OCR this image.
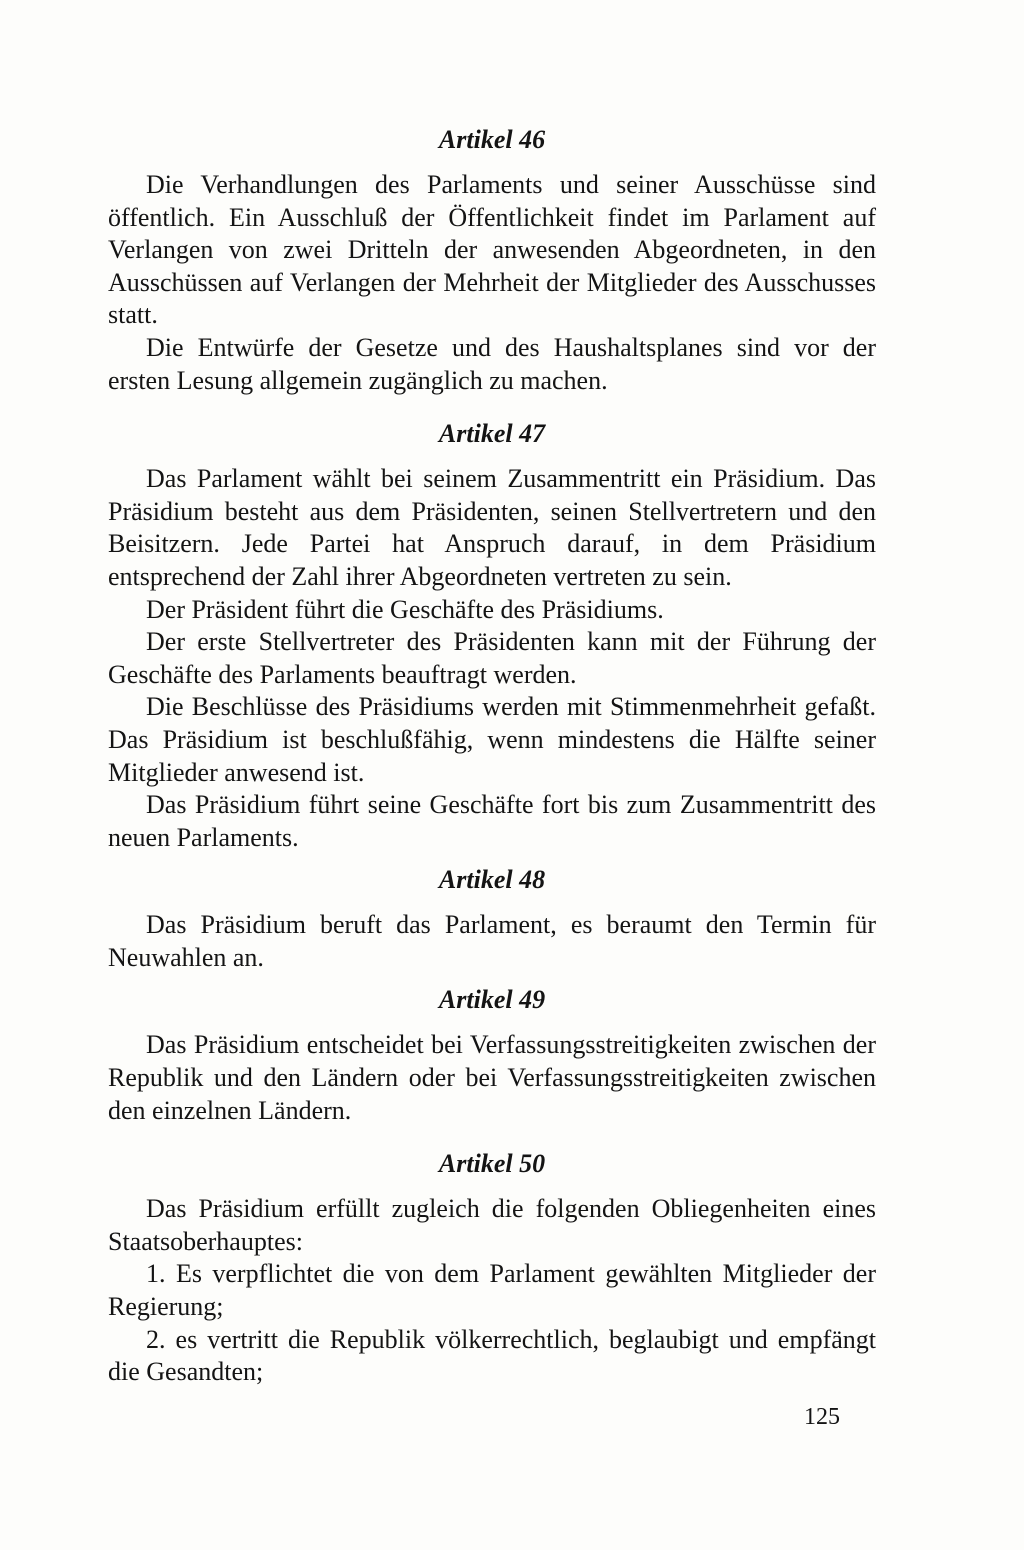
Artikel 46

Die Verhandlungen des Parlaments und seiner Ausschüsse sind öffentlich. Ein Ausschluß der Öffentlichkeit findet im Parlament auf Verlangen von zwei Dritteln der anwesenden Abgeordneten, in den Ausschüssen auf Verlangen der Mehrheit der Mitglieder des Ausschusses statt.

Die Entwürfe der Gesetze und des Haushaltsplanes sind vor der ersten Lesung allgemein zugänglich zu machen.

Artikel 47

Das Parlament wählt bei seinem Zusammentritt ein Präsidium. Das Präsidium besteht aus dem Präsidenten, seinen Stellvertretern und den Beisitzern. Jede Partei hat Anspruch darauf, in dem Präsidium entsprechend der Zahl ihrer Abgeordneten vertreten zu sein.

Der Präsident führt die Geschäfte des Präsidiums.

Der erste Stellvertreter des Präsidenten kann mit der Führung der Geschäfte des Parlaments beauftragt werden.

Die Beschlüsse des Präsidiums werden mit Stimmenmehrheit gefaßt. Das Präsidium ist beschlußfähig, wenn mindestens die Hälfte seiner Mitglieder anwesend ist.

Das Präsidium führt seine Geschäfte fort bis zum Zusammentritt des neuen Parlaments.

Artikel 48

Das Präsidium beruft das Parlament, es beraumt den Termin für Neuwahlen an.

Artikel 49

Das Präsidium entscheidet bei Verfassungsstreitigkeiten zwischen der Republik und den Ländern oder bei Verfassungsstreitigkeiten zwischen den einzelnen Ländern.

Artikel 50

Das Präsidium erfüllt zugleich die folgenden Obliegenheiten eines Staatsoberhauptes:

1. Es verpflichtet die von dem Parlament gewählten Mitglieder der Regierung;

2. es vertritt die Republik völkerrechtlich, beglaubigt und empfängt die Gesandten;

125
